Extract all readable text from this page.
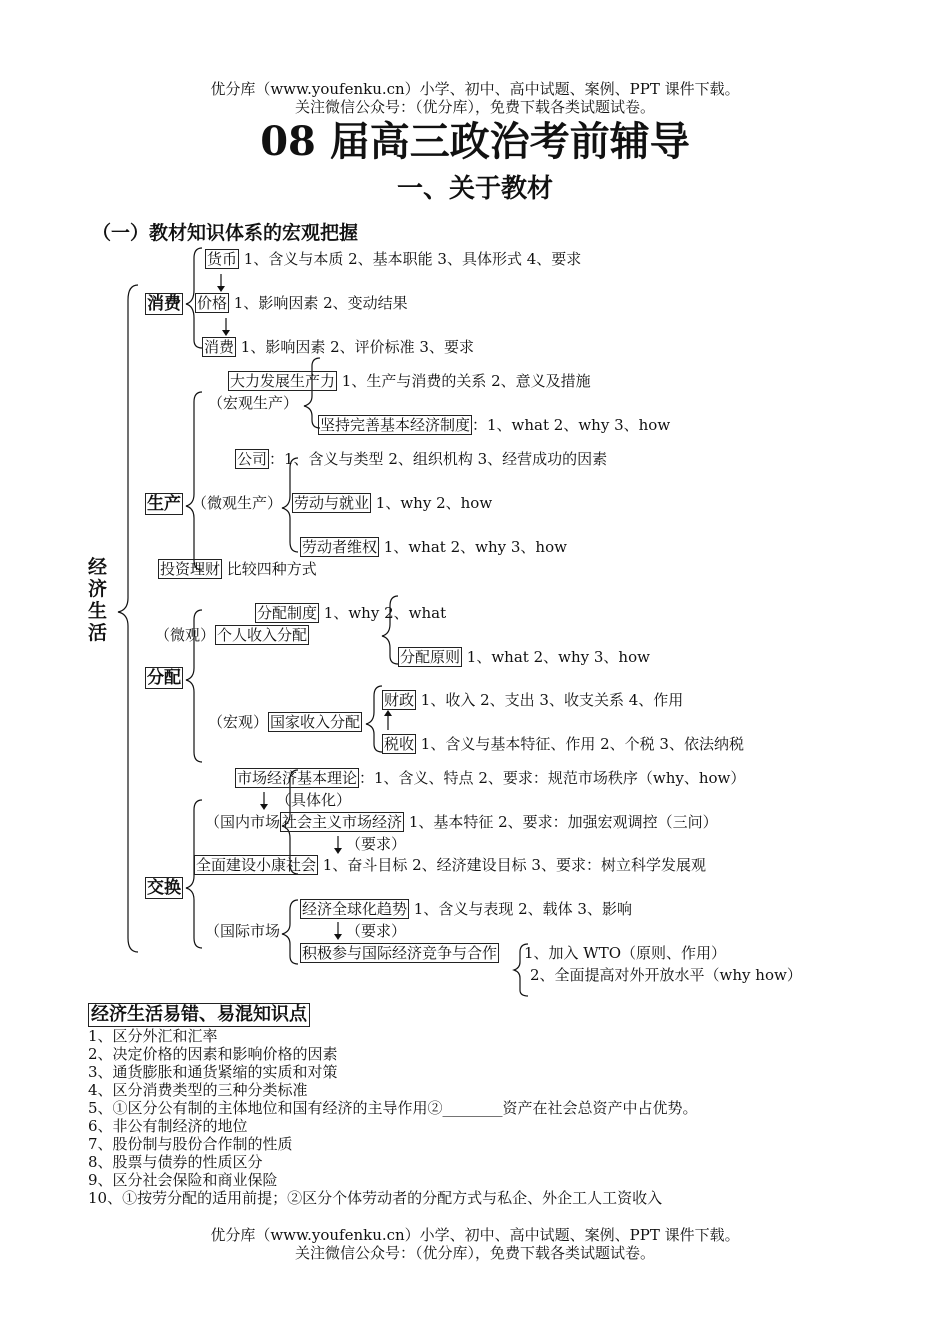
优分库（www.youfenku.cn）小学、初中、高中试题、案例、PPT 课件下载。
关注微信公众号：（优分库），免费下载各类试题试卷。
08 届高三政治考前辅导
一、关于教材
（一）教材知识体系的宏观把握
经
济
生
活
消费
货币 1、含义与本质 2、基本职能 3、具体形式 4、要求
价格 1、影响因素 2、变动结果
消费 1、影响因素 2、评价标准 3、要求
生产
大力发展生产力 1、生产与消费的关系 2、意义及措施
（宏观生产）
坚持完善基本经济制度 ：1、what 2、why 3、how
公司 ：1、含义与类型 2、组织机构 3、经营成功的因素
（微观生产） 劳动与就业 1、why 2、how
劳动者维权 1、what 2、why 3、how
投资理财 比较四种方式
分配
分配制度 1、why 2、what
（微观） 个人收入分配
分配原则 1、what 2、why 3、how
财政 1、收入 2、支出 3、收支关系 4、作用
（宏观） 国家收入分配
税收 1、含义与基本特征、作用 2、个税 3、依法纳税
交换
市场经济基本理论 ：1、含义、特点 2、要求：规范市场秩序（why、how）
（具体化）
（国内市场 社会主义市场经济 1、基本特征 2、要求：加强宏观调控（三问）
（要求）
全面建设小康社会 1、奋斗目标 2、经济建设目标 3、要求：树立科学发展观
经济全球化趋势 1、含义与表现 2、载体 3、影响
（国际市场	（要求）
积极参与国际经济竞争与合作 1、加入 WTO（原则、作用）
2、全面提高对外开放水平（why how）
经济生活易错、易混知识点
1、区分外汇和汇率
2、决定价格的因素和影响价格的因素
3、通货膨胀和通货紧缩的实质和对策
4、区分消费类型的三种分类标准
5、①区分公有制的主体地位和国有经济的主导作用②________资产在社会总资产中占优势。
6、非公有制经济的地位
7、股份制与股份合作制的性质
8、股票与债券的性质区分
9、区分社会保险和商业保险
10、①按劳分配的适用前提；②区分个体劳动者的分配方式与私企、外企工人工资收入
优分库（www.youfenku.cn）小学、初中、高中试题、案例、PPT 课件下载。
关注微信公众号：（优分库），免费下载各类试题试卷。
